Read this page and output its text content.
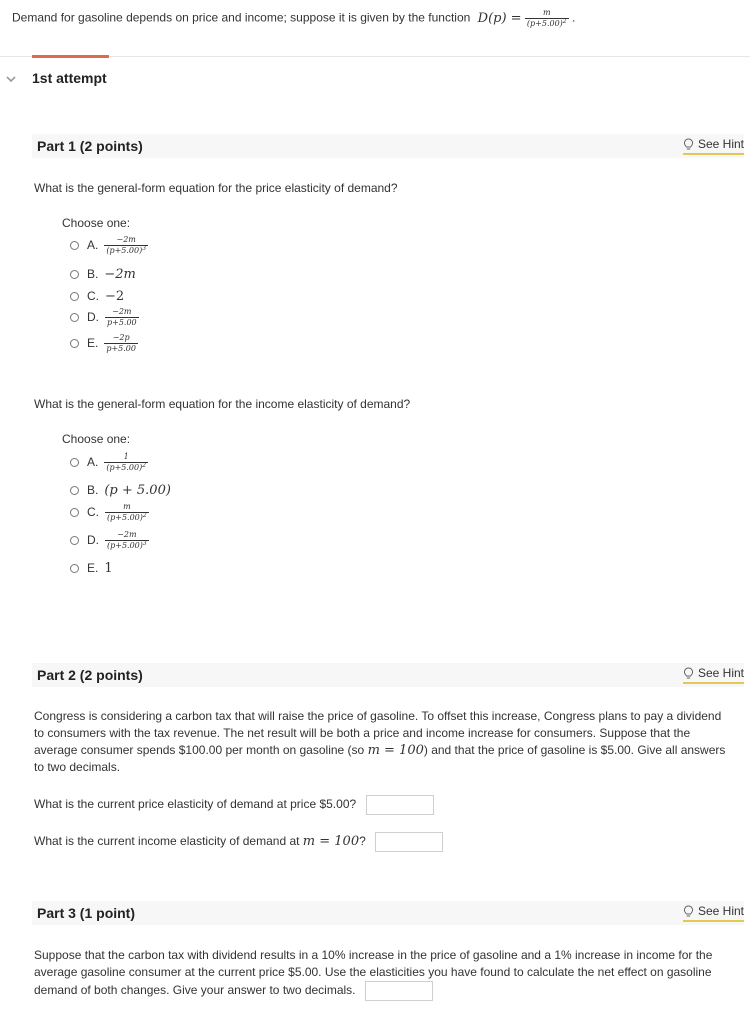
Demand for gasoline depends on price and income; suppose it is given by the function $D(p) = \frac{m}{(p+5.00)^2}$ .
1st attempt
Part 1 (2 points)	See Hint
What is the general-form equation for the price elasticity of demand?
Choose one:
A. $\frac{-2m}{(p+5.00)^3}$
B. −2m
C. −2
D. $\frac{-2m}{p+5.00}$
E. $\frac{-2p}{p+5.00}$
What is the general-form equation for the income elasticity of demand?
Choose one:
A. $\frac{1}{(p+5.00)^2}$
B. (p + 5.00)
C. $\frac{m}{(p+5.00)^2}$
D. $\frac{-2m}{(p+5.00)^3}$
E. 1
Part 2 (2 points)	See Hint
Congress is considering a carbon tax that will raise the price of gasoline. To offset this increase, Congress plans to pay a dividend to consumers with the tax revenue. The net result will be both a price and income increase for consumers. Suppose that the average consumer spends $100.00 per month on gasoline (so m = 100) and that the price of gasoline is $5.00. Give all answers to two decimals.
What is the current price elasticity of demand at price $5.00?
What is the current income elasticity of demand at m = 100?
Part 3 (1 point)	See Hint
Suppose that the carbon tax with dividend results in a 10% increase in the price of gasoline and a 1% increase in income for the average gasoline consumer at the current price $5.00. Use the elasticities you have found to calculate the net effect on gasoline demand of both changes. Give your answer to two decimals.
